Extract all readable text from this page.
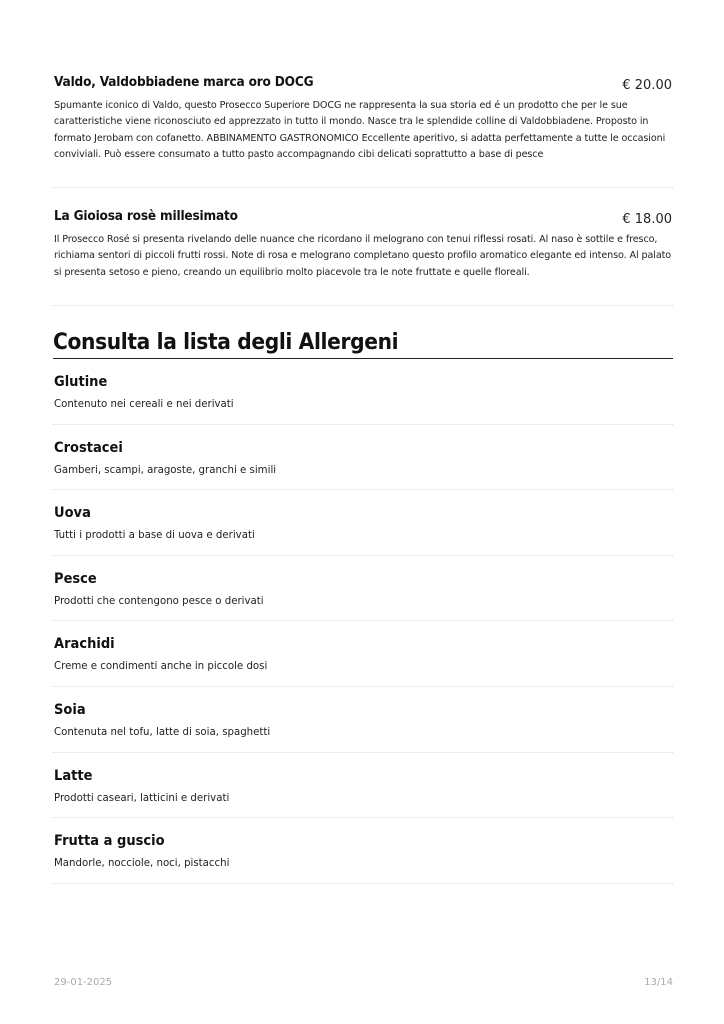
Valdo, Valdobbiadene marca oro DOCG	€ 20.00
Spumante iconico di Valdo, questo Prosecco Superiore DOCG ne rappresenta la sua storia ed é un prodotto che per le sue caratteristiche viene riconosciuto ed apprezzato in tutto il mondo. Nasce tra le splendide colline di Valdobbiadene. Proposto in formato Jerobam con cofanetto. ABBINAMENTO GASTRONOMICO Eccellente aperitivo, si adatta perfettamente a tutte le occasioni conviviali. Può essere consumato a tutto pasto accompagnando cibi delicati soprattutto a base di pesce
La Gioiosa rosè millesimato	€ 18.00
Il Prosecco Rosé si presenta rivelando delle nuance che ricordano il melograno con tenui riflessi rosati. Al naso è sottile e fresco, richiama sentori di piccoli frutti rossi. Note di rosa e melograno completano questo profilo aromatico elegante ed intenso. Al palato si presenta setoso e pieno, creando un equilibrio molto piacevole tra le note fruttate e quelle floreali.
Consulta la lista degli Allergeni
Glutine
Contenuto nei cereali e nei derivati
Crostacei
Gamberi, scampi, aragoste, granchi e simili
Uova
Tutti i prodotti a base di uova e derivati
Pesce
Prodotti che contengono pesce o derivati
Arachidi
Creme e condimenti anche in piccole dosi
Soia
Contenuta nel tofu, latte di soia, spaghetti
Latte
Prodotti caseari, latticini e derivati
Frutta a guscio
Mandorle, nocciole, noci, pistacchi
29-01-2025	13/14
